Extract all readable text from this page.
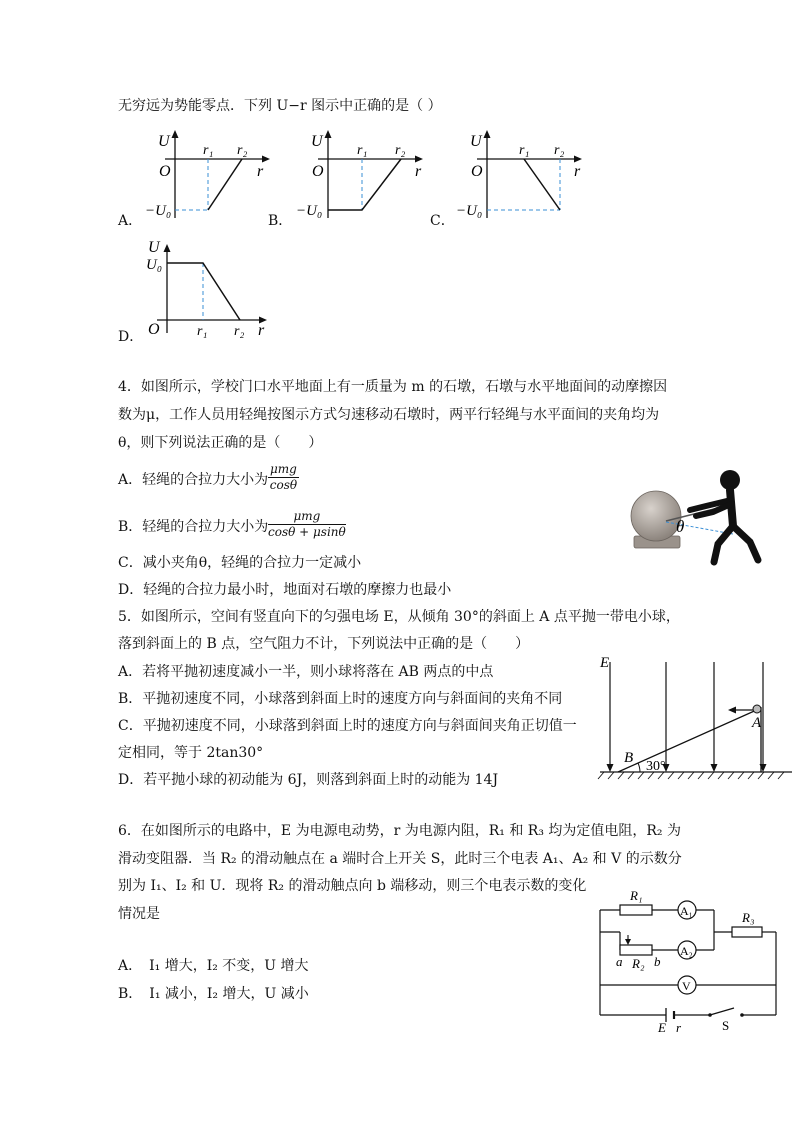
无穷远为势能零点．下列 U−r 图示中正确的是（ ）
A．
U
O
r₁ r₂
r
−U₀
B．
U
O
r₁ r₂
r
−U₀
C．
U
O
r₁ r₂
r
−U₀
D．
U
U₀
O	r₁ r₂ r
4．如图所示，学校门口水平地面上有一质量为 m 的石墩，石墩与水平地面间的动摩擦因
数为μ，工作人员用轻绳按图示方式匀速移动石墩时，两平行轻绳与水平面间的夹角均为
θ，则下列说法正确的是（　　）
A．轻绳的合拉力大小为
μmg
cosθ
B．轻绳的合拉力大小为
μmg
cosθ + μsinθ
C．减小夹角θ，轻绳的合拉力一定减小
D．轻绳的合拉力最小时，地面对石墩的摩擦力也最小
θ
5．如图所示，空间有竖直向下的匀强电场 E，从倾角 30°的斜面上 A 点平抛一带电小球，
落到斜面上的 B 点，空气阻力不计，下列说法中正确的是（　　）
A．若将平抛初速度减小一半，则小球将落在 AB 两点的中点
B．平抛初速度不同，小球落到斜面上时的速度方向与斜面间的夹角不同
C．平抛初速度不同，小球落到斜面上时的速度方向与斜面间夹角正切值一
定相同，等于 2tan30°
D．若平抛小球的初动能为 6J，则落到斜面上时的动能为 14J
E
A
B
30°
6．在如图所示的电路中，E 为电源电动势，r 为电源内阻，R₁ 和 R₃ 均为定值电阻，R₂ 为
滑动变阻器．当 R₂ 的滑动触点在 a 端时合上开关 S，此时三个电表 A₁、A₂ 和 V 的示数分
别为 I₁、I₂ 和 U．现将 R₂ 的滑动触点向 b 端移动，则三个电表示数的变化
情况是
A．　I₁ 增大，I₂ 不变，U 增大
B．　I₁ 减小，I₂ 增大，U 减小
A₁
A₂
V
R₁
R₃
R₂
a b
E r	S
